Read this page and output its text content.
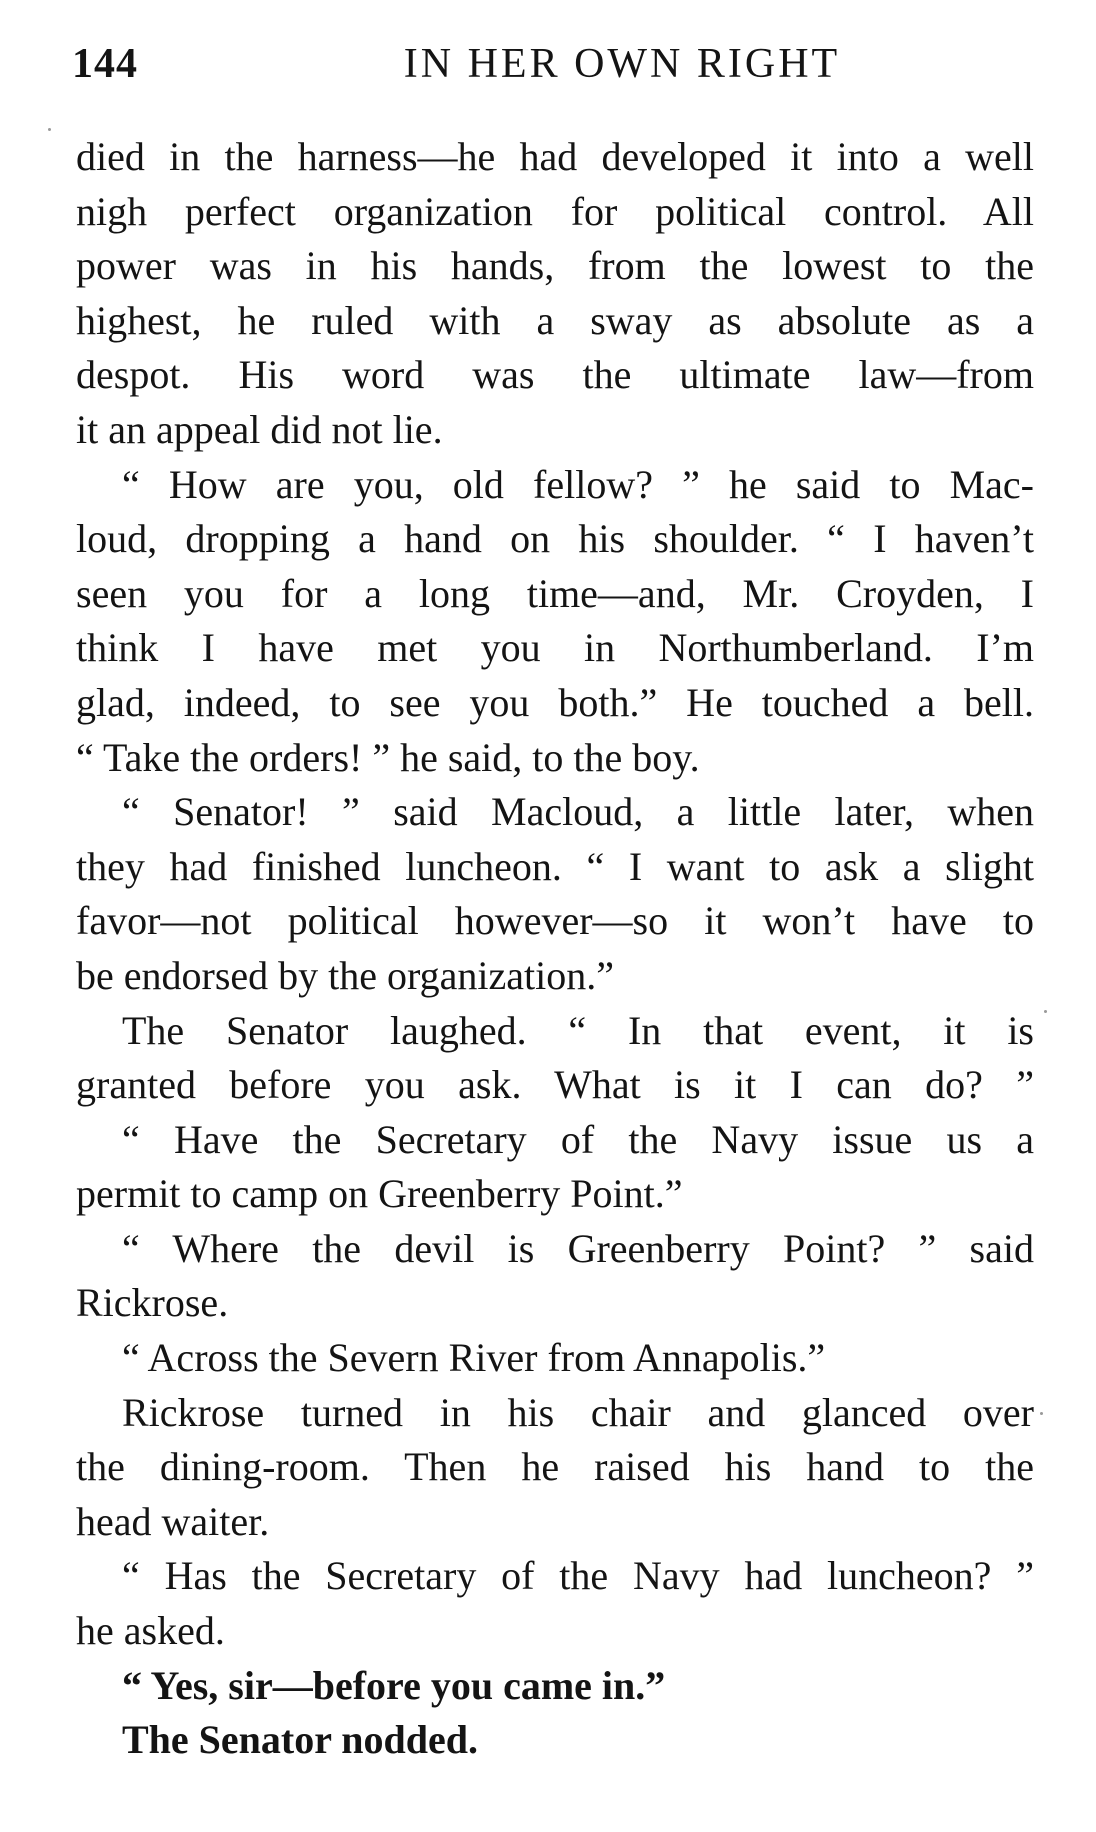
144	IN HER OWN RIGHT
died in the harness—he had developed it into a well
nigh perfect organization for political control. All
power was in his hands, from the lowest to the
highest, he ruled with a sway as absolute as a
despot. His word was the ultimate law—from
it an appeal did not lie.
“ How are you, old fellow? ” he said to Mac-
loud, dropping a hand on his shoulder. “ I haven’t
seen you for a long time—and, Mr. Croyden, I
think I have met you in Northumberland. I’m
glad, indeed, to see you both.” He touched a bell.
“ Take the orders! ” he said, to the boy.
“ Senator! ” said Macloud, a little later, when
they had finished luncheon. “ I want to ask a slight
favor—not political however—so it won’t have to
be endorsed by the organization.”
The Senator laughed. “ In that event, it is
granted before you ask. What is it I can do? ”
“ Have the Secretary of the Navy issue us a
permit to camp on Greenberry Point.”
“ Where the devil is Greenberry Point? ” said
Rickrose.
“ Across the Severn River from Annapolis.”
Rickrose turned in his chair and glanced over
the dining-room. Then he raised his hand to the
head waiter.
“ Has the Secretary of the Navy had luncheon? ”
he asked.
“ Yes, sir—before you came in.”
The Senator nodded.
